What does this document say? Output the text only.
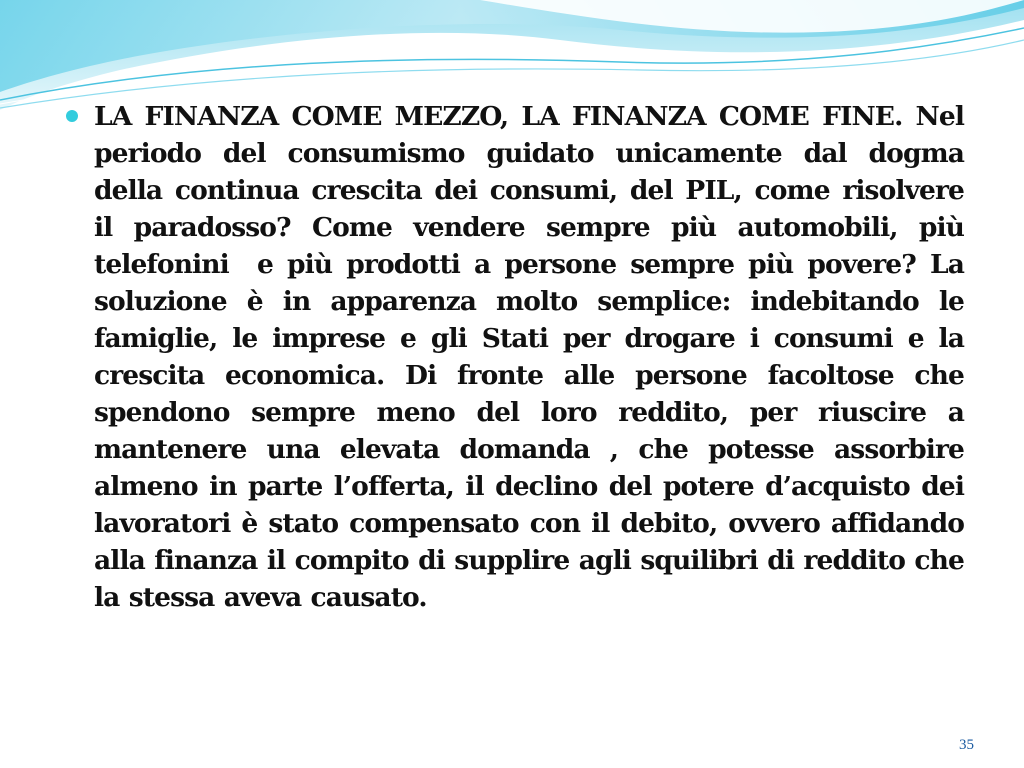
LA FINANZA COME MEZZO, LA FINANZA COME FINE. Nel periodo del consumismo guidato unicamente dal dogma della continua crescita dei consumi, del PIL, come risolvere il paradosso? Come vendere sempre più automobili, più telefonini  e più prodotti a persone sempre più povere? La soluzione è in apparenza molto semplice: indebitando le famiglie, le imprese e gli Stati per drogare i consumi e la crescita economica. Di fronte alle persone facoltose che spendono sempre meno del loro reddito, per riuscire a mantenere una elevata domanda , che potesse assorbire almeno in parte l’offerta, il declino del potere d’acquisto dei lavoratori è stato compensato con il debito, ovvero affidando  alla finanza il compito di supplire agli squilibri di reddito che la stessa aveva causato.

35
